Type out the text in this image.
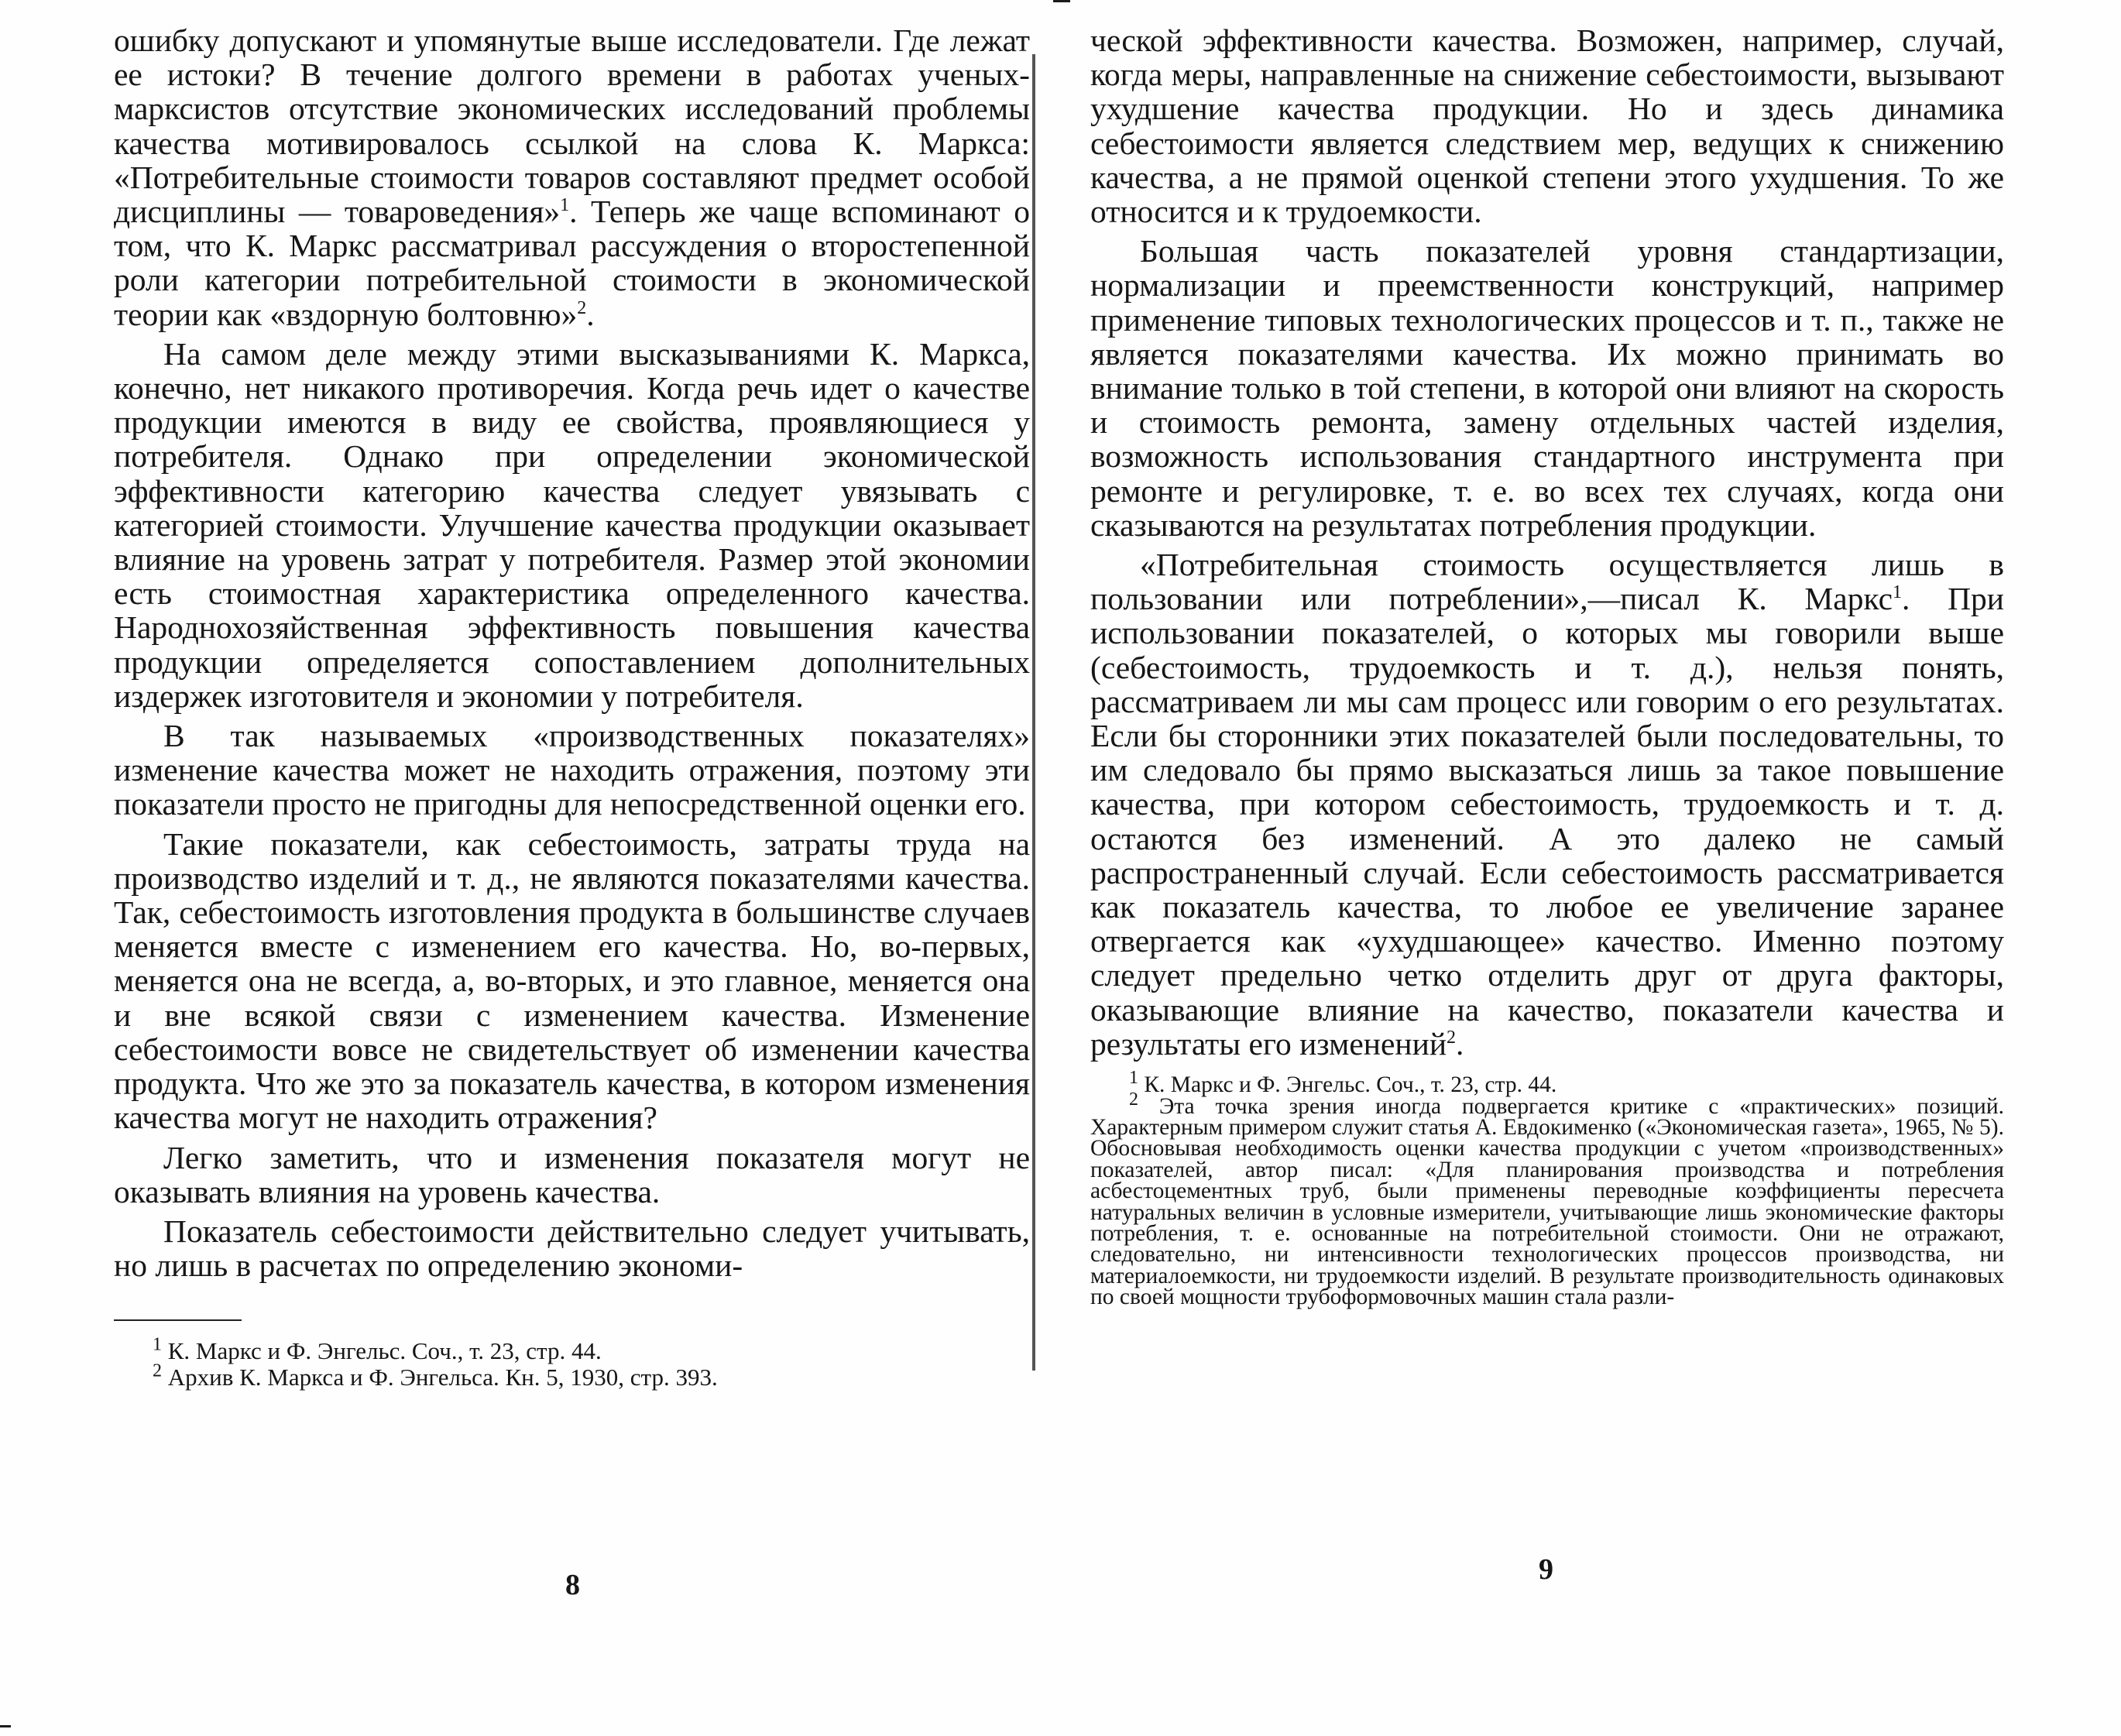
ошибку допускают и упомянутые выше исследователи. Где лежат ее истоки? В течение долгого времени в работах ученых-марксистов отсутствие экономических исследований проблемы качества мотивировалось ссылкой на слова К. Маркса: «Потребительные стоимости товаров составляют предмет особой дисциплины — товароведения»$^1$. Теперь же чаще вспоминают о том, что К. Маркс рассматривал рассуждения о второстепенной роли категории потребительной стоимости в экономической теории как «вздорную болтовню»$^2$.

На самом деле между этими высказываниями К. Маркса, конечно, нет никакого противоречия. Когда речь идет о качестве продукции имеются в виду ее свойства, проявляющиеся у потребителя. Однако при определении экономической эффективности категорию качества следует увязывать с категорией стоимости. Улучшение качества продукции оказывает влияние на уровень затрат у потребителя. Размер этой экономии есть стоимостная характеристика определенного качества. Народнохозяйственная эффективность повышения качества продукции определяется сопоставлением дополнительных издержек изготовителя и экономии у потребителя.

В так называемых «производственных показателях» изменение качества может не находить отражения, поэтому эти показатели просто не пригодны для непосредственной оценки его.

Такие показатели, как себестоимость, затраты труда на производство изделий и т. д., не являются показателями качества. Так, себестоимость изготовления продукта в большинстве случаев меняется вместе с изменением его качества. Но, во-первых, меняется она не всегда, а, во-вторых, и это главное, меняется она и вне всякой связи с изменением качества. Изменение себестоимости вовсе не свидетельствует об изменении качества продукта. Что же это за показатель качества, в котором изменения качества могут не находить отражения?

Легко заметить, что и изменения показателя могут не оказывать влияния на уровень качества.

Показатель себестоимости действительно следует учитывать, но лишь в расчетах по определению экономи-

$^1$ К. Маркс и Ф. Энгельс. Соч., т. 23, стр. 44.

$^2$ Архив К. Маркса и Ф. Энгельса. Кн. 5, 1930, стр. 393.

8

ческой эффективности качества. Возможен, например, случай, когда меры, направленные на снижение себестоимости, вызывают ухудшение качества продукции. Но и здесь динамика себестоимости является следствием мер, ведущих к снижению качества, а не прямой оценкой степени этого ухудшения. То же относится и к трудоемкости.

Большая часть показателей уровня стандартизации, нормализации и преемственности конструкций, например применение типовых технологических процессов и т. п., также не является показателями качества. Их можно принимать во внимание только в той степени, в которой они влияют на скорость и стоимость ремонта, замену отдельных частей изделия, возможность использования стандартного инструмента при ремонте и регулировке, т. е. во всех тех случаях, когда они сказываются на результатах потребления продукции.

«Потребительная стоимость осуществляется лишь в пользовании или потреблении»,—писал К. Маркс$^1$. При использовании показателей, о которых мы говорили выше (себестоимость, трудоемкость и т. д.), нельзя понять, рассматриваем ли мы сам процесс или говорим о его результатах. Если бы сторонники этих показателей были последовательны, то им следовало бы прямо высказаться лишь за такое повышение качества, при котором себестоимость, трудоемкость и т. д. остаются без изменений. А это далеко не самый распространенный случай. Если себестоимость рассматривается как показатель качества, то любое ее увеличение заранее отвергается как «ухудшающее» качество. Именно поэтому следует предельно четко отделить друг от друга факторы, оказывающие влияние на качество, показатели качества и результаты его изменений$^2$.

$^1$ К. Маркс и Ф. Энгельс. Соч., т. 23, стр. 44.

$^2$ Эта точка зрения иногда подвергается критике с «практических» позиций. Характерным примером служит статья А. Евдокименко («Экономическая газета», 1965, № 5). Обосновывая необходимость оценки качества продукции с учетом «производственных» показателей, автор писал: «Для планирования производства и потребления асбестоцементных труб, были применены переводные коэффициенты пересчета натуральных величин в условные измерители, учитывающие лишь экономические факторы потребления, т. е. основанные на потребительной стоимости. Они не отражают, следовательно, ни интенсивности технологических процессов производства, ни материалоемкости, ни трудоемкости изделий. В результате производительность одинаковых по своей мощности трубоформовочных машин стала разли-

9
